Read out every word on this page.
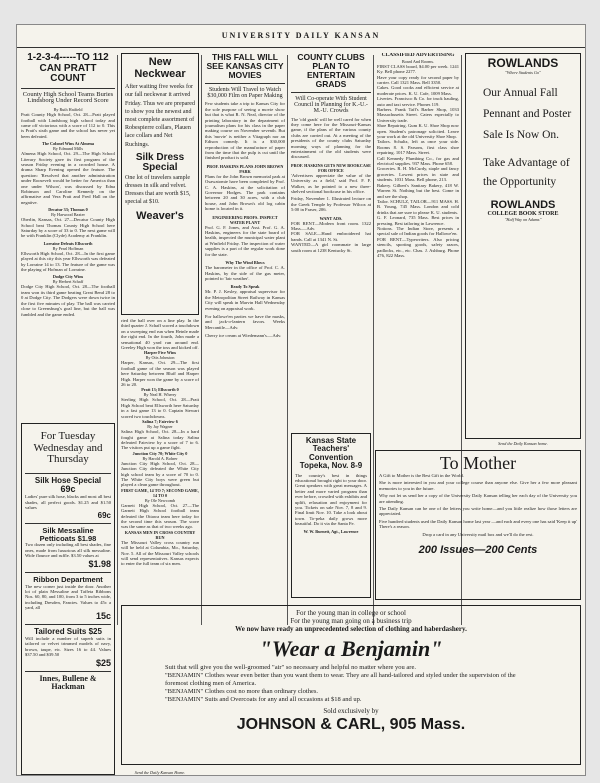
UNIVERSITY DAILY KANSAN
1-2-3-4-----TO 112 CAN PRATT COUNT
County High School Teams Buries Lindsborg Under Record Score
By Ruth Hatfield
Pratt County High School, Oct. 28—Pratt played football with Lindsborg high school today and came off victorious with a score of 112 to 0. This is Pratt's sixth game and the school has never yet been defeated.
The Colonel Wins At Almena
By Edmund Mills
Almena High School, Oct. 29—The High School Literary Society gave its first program of the season Friday evening in a crowded house. A drama Sharp Evening opened the feature. The question: 'Resolved that another administration under Roosevelt would be better for America than one under Wilson', was discussed by Edna Robinson and Caroline Kennedy on the affirmative and Vera Pratt and Fred Hall on the negative.
Decatur 33; Thomas 0
By Harwood Baxter
Oberlin, Kansas, Oct. 27—Decatur County High School beat Thomas County High School here Saturday by a score of 33 to 0. The next game will be with Franklin (Clyde) Academy at Franklin.
Lorraine Defeats Ellsworth
By Pearl Hoffman
Ellsworth High School, Oct. 28—In the first game played at this city this year Ellsworth was defeated by Lorraine 14 to 13. The feature of the game was the playing of Hofman of Lorraine.
Dodge City Wins
By Herbert Schaff
Dodge City High School, Oct. 28—The football team won its third game beating Great Bend 28 to 0 at Dodge City. The Dodgers were down twice in the first five minutes of play. The ball was carried close to Greensburg's goal line, but the ball was fumbled and the game ended.
For Tuesday Wednesday and Thursday
Silk Hose Special
69c
Ladies' pure silk hose, blacks and most all best shades, all perfect goods. $1.25 and $1.50 values
69c
Silk Messaline Petticoats $1.98
Two dozen only including all best shades, fine ones, made from luxurious all silk messaline. Wide flounce and ruffle. $3.50 values at
$1.98
Ribbon Department
The new corner just inside the door. Another lot of plain Messaline and Taffeta Ribbons Nos. 60, 80, and 100, from 3 to 5 inches wide, including Dresden, Fancies. Values to 45c a yard, all
15c
Tailored Suits $25
Will include a number of superb suits in tailored or velvet trimmed models of navy, brown, taupe, etc. Sizes 16 to 44. Values $37.50 and $39.50
$25
Innes, Bullene & Hackman
New Neckwear
After waiting five weeks for our fall neckwear it arrived Friday. Thus we are prepared to show you the newest and most complete assortment of Robespierre collars, Plauen lace collars and Net Ruchings.
Silk Dress Special
One lot of travelers sample dresses in silk and velvet. Dresses that are worth $15, special at $10.
Weaver's
ried the ball over on a line play. In the third quarter J. Schaff scored a touchdown on a sweeping end run when Heinle made the right end. In the fourth, John made a sensational 40 yard run around end. Greeley High won the toss and kicked off.
Harper Five Wins
By Otis Johnston
Harper, Kansas, Oct. 29—The first football game of the season was played here Saturday between Bluff and Harper High. Harper won the game by a score of 26 to 20.
Pratt 13; Ellsworth 0
By Neal H. Wherry
Sterling High School, Oct. 28—Pratt High School beat Ellsworth here Saturday in a fast game 13 to 0. Captain Stewart scored two touchdowns.
Salina 7; Fairview 6
By Jay Wagner
Salina High School, Oct. 28—In a hard fought game at Salina today Salina defeated Fairview by a score of 7 to 6. The visitors put up a game fight.
Junction City 70; White City 0
By Harold A. Bohrer
Junction City High School, Oct. 28—Junction City defeated the White City high school team by a score of 70 to 0. The White City boys were green but played a clean game throughout.
FIRST GAME, 14 TO 7; SECOND GAME, 14 TO 0
By Ole Newcomb
Garnett High School, Oct. 27—The Garnett High School football team defeated the Ottawa team here today for the second time this season. The score was the same as that of two weeks ago.
KANSAS MEN IN CROSS COUNTRY RUN
The Missouri Valley cross country run will be held at Columbia, Mo., Saturday, Nov. 5. All of the Missouri Valley schools will send representatives. Kansas expects to enter the full team of six men.
Send the Daily Kansan Home.
THIS FALL WILL SEE KANSAS CITY MOVIES
Students Will Travel to Watch $30,000 Film on Paper Making
Few students take a trip to Kansas City for the sole purpose of seeing a movie show but that is what R. N. Neal, director of the printing laboratory in the department of journalism plans for his class in the paper making course on November seventh. But this 'movie' is neither a Vitagraph nor an Edison comedy. It is a $30,000 reproduction of the manufacture of paper from the time that the pulp is cut until the finished product is sold.
PROF. HASKINS PLANS JOHN BROWN PARK
Plans for the John Brown memorial park at Osawatomie have been completed by Prof. C. A. Haskins, at the solicitation of Governor Hodges. The park contains between 20 and 30 acres, with a club house, and John Brown's old log cabin home is located in it.
ENGINEERING PROFS. INSPECT WATER PLANT
Prof. G. F. Jones, and Asst. Prof. G. A. Haskins, engineers for the state board of health, inspected the municipal water plant at Winfield Friday. The inspection of water supplies is a part of the regular work done for the state.
Why The Wind Blows
The barometer in the office of Prof. C. A. Haskins, by the side of the gas meter, pointed to 'fair weather'.
Ready To Speak
Mr. P. J. Kesley, appraisal supervisor for the Metropolitan Street Railway in Kansas City will speak in Marvin Hall Wednesday evening on appraisal work.
For hallowe'en parties we have the masks, and jack-o-lantern favors. Weeks Mercantile—Adv.
Cherry ice cream at Wiedemann's.—Adv.
COUNTY CLUBS PLAN TO ENTERTAIN GRADS
Will Co-operate With Student Council in Planning for K.-U.-M.-U. Crowds
The 'old grads' will be well cared for when they come here for the Missouri-Kansas game, if the plans of the various county clubs are carried out. At a meeting of the presidents of the county clubs Saturday morning ways of planning for the entertainment of the old students were discussed.
PROF. HASKINS GETS NEW BOOKCASE FOR OFFICE
'Advertisers appreciate the value of the University as a field,' said Prof. F. F. Walker, as he pointed to a new three-shelved sectional bookcase in his office.
Friday, November 1. Illustrated lecture on the Greek Temple by Professor Wilcox at 5:00 in Fraser, 206.
WANT ADS.
FOR RENT—Modern front room. 1322 Mass.—Adv.
FOR SALE—Hand embroidered hat bands. Call at 1341 N. St.
WANTED—A girl roommate in large south room at 1238 Kentucky St.
Kansas State Teachers' Convention Topeka, Nov. 8-9
The country's best in things educational brought right to your door. Great speakers with great messages. A better and more varied program than ever before, crowded with exhibits and uplift, relaxation and enjoyment for you. Tickets on sale Nov. 7, 8 and 9. Final limit Nov. 10. Take a look about town. To-peka daily grows more beautiful. Do it via the Santa Fe.
W. W. Burnett, Agt., Lawrence
CLASSIFIED ADVERTISING
Board And Rooms.
FIRST CLASS board, $4.00 per week. 1241 Ky. Bell phone 2277.
Have your copy ready for second paper by carrier. Call 1321 Mass. Bell 3350.
Cakes. Good cooks and efficient service at moderate prices. K. U. Cafe, 1009 Mass.
Liveries. Francisco & Co. for truck hauling, auto and taxi service. Phones 119.
Barbers. Frank Taff's Barber Shop, 1033 Massachusetts Street. Caters especially to University trade.
Shoe Repairing. Gum K. U. Shoe Shop now open. Student's patronage solicited. Leave your work at the old University Shoe Shop.
Tailors. Schultz, left as once your side. Rooms 8. S. Parsons, first class shoe repairing. 1017 Mass. Street.
Call Kennedy Plumbing Co., for gas and electrical supplies. 937 Mass. Phone 658.
Groceries. R. H. McCurdy, staple and fancy groceries. Lowest prices in state and students. 1031 Mass. Bell phone, 213.
Bakery. Gilbert's Sanitary Bakery, 418 W. Warren St. Nothing but the best. Come in and see the shop.
Tailor. SCHULZ, TAILOR—911 MASS. H. B. Young, 745 Mass. London and cold drinks that are sure to please K. U. students.
G. F. Leonard, 735 Mass. Best prices in pressing. Best tailoring in Lawrence.
Notions. The Indian Store, presents a special sale of Indian goods for Hallowe'en.
FOR RENT—Typewriters. Also pricing stencils, sporting goods, safety razors, padlocks, etc., etc. Chas. J. Ashburg. Phone 476, 822 Mass.
ROWLANDS
"Where Students Go"
Our Annual Fall Pennant and Poster Sale Is Now On.
Take Advantage of the Opportunity
ROWLANDS
COLLEGE BOOK STORE
"Half Way on Adams"
Send the Daily Kansan home.
To Mother
A Gift to Mother is the Best Gift in the World.
She is more interested in you and your college course than anyone else. Give her a few more pleasant memories to you in the future.
Why not let us send her a copy of the University Daily Kansan telling her each day of the University you are attending.
The Daily Kansan can be one of the letters you write home—and you little realize how those letters are appreciated.
Five hundred students used the Daily Kansan home last year —and each and every one has said 'Keep it up' There's a reason.
Drop a card in any University mail box and we'll do the rest.
200 Issues—200 Cents
For the young man in college or school
For the young man going on a business trip
We now have ready an unprecedented selection of clothing and haberdashery.
"Wear a Benjamin"
Suit that will give you the well-groomed "air" so necessary and helpful no matter where you are.
"BENJAMIN" Clothes wear even better than you want them to wear. They are all hand-tailored and styled under the supervision of the foremost clothing men of America.
"BENJAMIN" Clothes cost no more than ordinary clothes.
"BENJAMIN" Suits and Overcoats for any and all occasions at $18 and up.
Sold exclusively by
JOHNSON & CARL, 905 Mass.
